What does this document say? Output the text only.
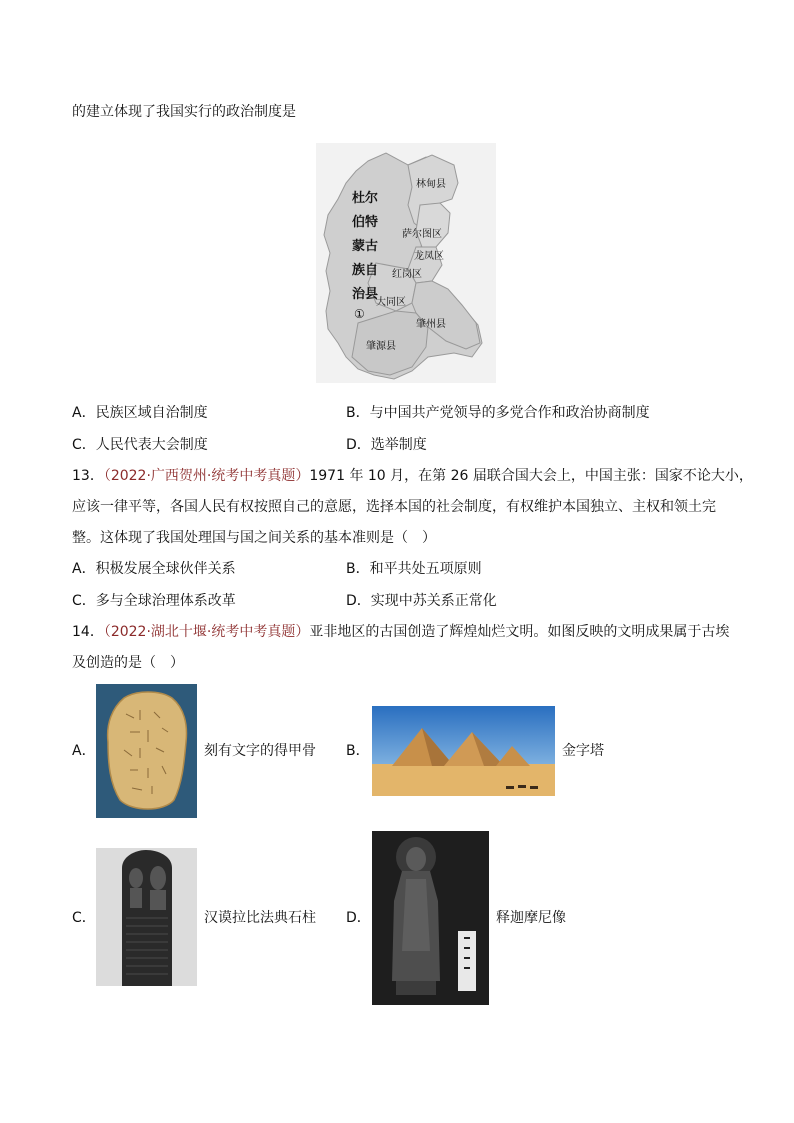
的建立体现了我国实行的政治制度是
林甸县
杜尔
伯特
蒙古
族自
治县
①
萨尔图区
龙凤区
红岗区
大同区
肇州县
肇源县
A．民族区域自治制度	B．与中国共产党领导的多党合作和政治协商制度
C．人民代表大会制度	D．选举制度
13．（2022·广西贺州·统考中考真题）1971 年 10 月，在第 26 届联合国大会上，中国主张：国家不论大小，
应该一律平等，各国人民有权按照自己的意愿，选择本国的社会制度，有权维护本国独立、主权和领土完
整。这体现了我国处理国与国之间关系的基本准则是（　）
A．积极发展全球伙伴关系	B．和平共处五项原则
C．多与全球治理体系改革	D．实现中苏关系正常化
14．（2022·湖北十堰·统考中考真题）亚非地区的古国创造了辉煌灿烂文明。如图反映的文明成果属于古埃
及创造的是（　）
A．	刻有文字的得甲骨 B．	金字塔
C．	汉谟拉比法典石柱 D．	释迦摩尼像
